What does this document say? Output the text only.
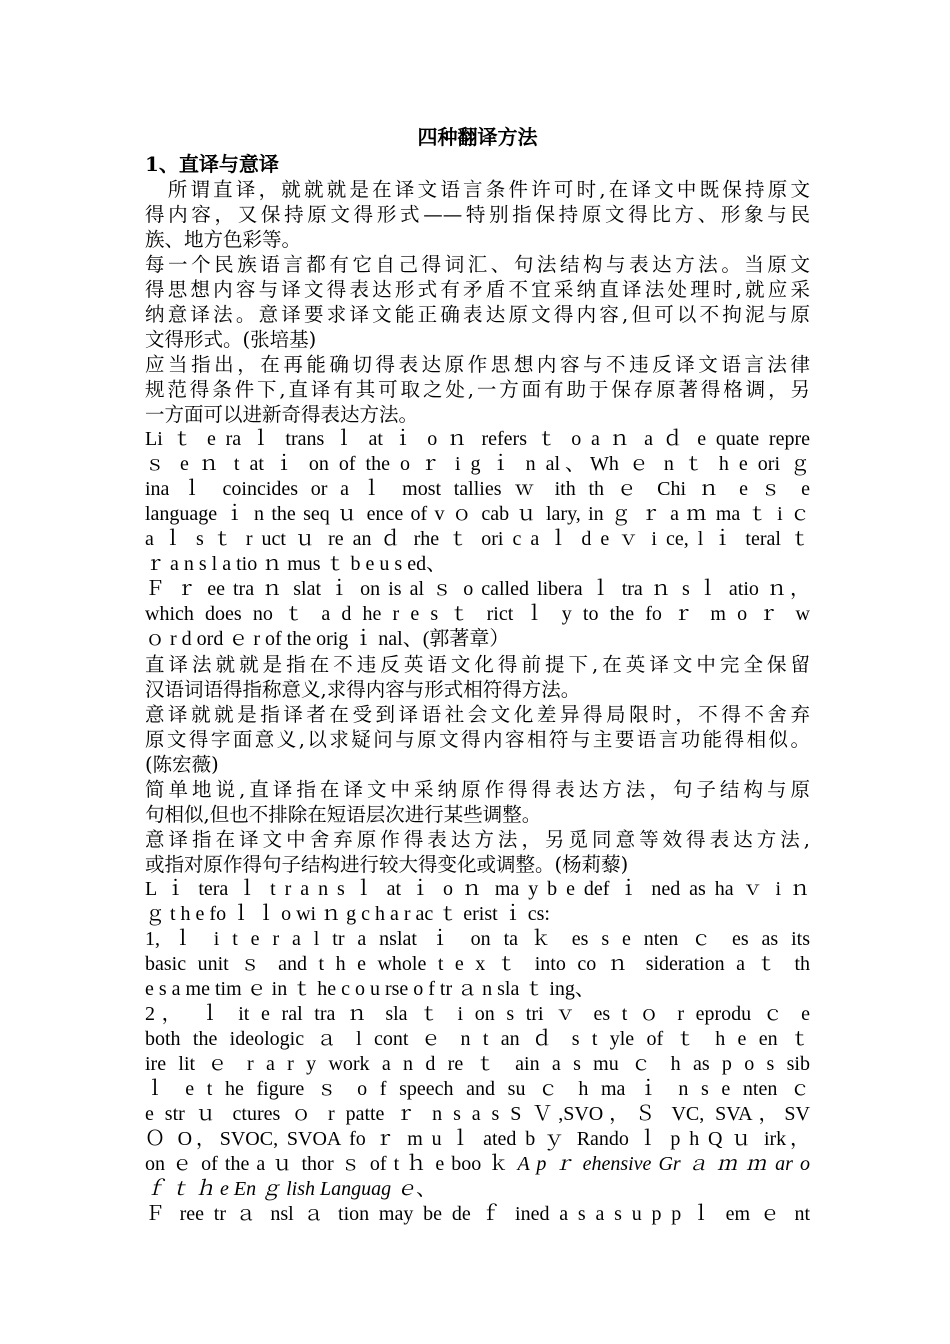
四种翻译方法
1、直译与意译
　所谓直译，就就就是在译文语言条件许可时,在译文中既保持原文
得内容，又保持原文得形式——特别指保持原文得比方、形象与民
族、地方色彩等。
每一个民族语言都有它自己得词汇、句法结构与表达方法。当原文
得思想内容与译文得表达形式有矛盾不宜采纳直译法处理时,就应采
纳意译法。意译要求译文能正确表达原文得内容,但可以不拘泥与原
文得形式。(张培基)
应当指出，在再能确切得表达原作思想内容与不违反译文语言法律
规范得条件下,直译有其可取之处,一方面有助于保存原著得格调，另
一方面可以进新奇得表达方法。
Li ｔ e ra ｌ trans ｌ at ｉ o ｎ refers ｔ o a ｎ a ｄ e quate repre
ｓ e ｎ t at ｉ on of the o ｒ i g ｉ n al、Wh ｅ n ｔ h e ori ｇ
ina ｌ coincides or a ｌ most tallies ｗ ith th ｅ Chi ｎ e ｓ e
language ｉ n the seq ｕ ence of v ｏ cab ｕ lary, in ｇ ｒ a ｍ ma ｔ i ｃ
a ｌ s ｔ r uct ｕ re an ｄ rhe ｔ ori c a ｌ d e ｖ i ce, l ｉ teral ｔ
ｒ a n s l a tio ｎ mus ｔ b e u s ed、
Ｆ ｒ ee tra ｎ slat ｉ on is al ｓ o called libera ｌ tra ｎ s ｌ atio ｎ，
which does no ｔ a d he r e s ｔ rict ｌ y to the fo ｒ m o ｒ w
ｏ r d ord ｅ r of the orig ｉ nal、(郭著章）
直译法就就是指在不违反英语文化得前提下,在英译文中完全保留
汉语词语得指称意义,求得内容与形式相符得方法。
意译就就是指译者在受到译语社会文化差异得局限时，不得不舍弃
原文得字面意义,以求疑问与原文得内容相符与主要语言功能得相似。
(陈宏薇)
简单地说,直译指在译文中采纳原作得得表达方法，句子结构与原
句相似,但也不排除在短语层次进行某些调整。
意译指在译文中舍弃原作得表达方法，另觅同意等效得表达方法,
或指对原作得句子结构进行较大得变化或调整。(杨莉藜)
L ｉ tera ｌ t r a n s ｌ at ｉ o ｎ ma y b e def ｉ ned as ha ｖ i ｎ
ｇ t h e fo ｌ ｌ o wi ｎ g c h a r ac ｔ erist ｉ cs:
1, ｌ i t e r a l tr a nslat ｉ on ta ｋ es s e nten ｃ es as its
basic unit ｓ and t h e whole t e x ｔ into co ｎ sideration a ｔ th
e s a me tim ｅ in ｔ he c o u rse o f tr ａ n sla ｔ ing、
2， ｌ it e ral tra ｎ sla ｔ i on s tri ｖ es t ｏ r eprodu ｃ e
both the ideologic ａ l cont ｅ n t an ｄ s t yle of ｔ h e en ｔ
ire lit ｅ r a r y work a n d re ｔ ain a s mu ｃ h as p o s sib
ｌ e t he figure ｓ o f speech and su ｃ h ma ｉ n s e nten ｃ
e str ｕ ctures ｏ r patte ｒ n s a s S Ｖ,SVO，Ｓ VC, SVA，SV
Ｏ O，SVOC, SVOA fo ｒ m u ｌ ated b ｙ Rando ｌ p h Q ｕ irk，
on ｅ of the a ｕ thor ｓ of t ｈ e boo ｋ A p ｒ ehensive Gr ａ ｍ ｍ ar o
ｆ ｔ ｈ e En ｇ lish Languag ｅ、
Ｆ ree tr ａ nsl ａ tion may be de ｆ ined a s a s u p p ｌ em ｅ nt
